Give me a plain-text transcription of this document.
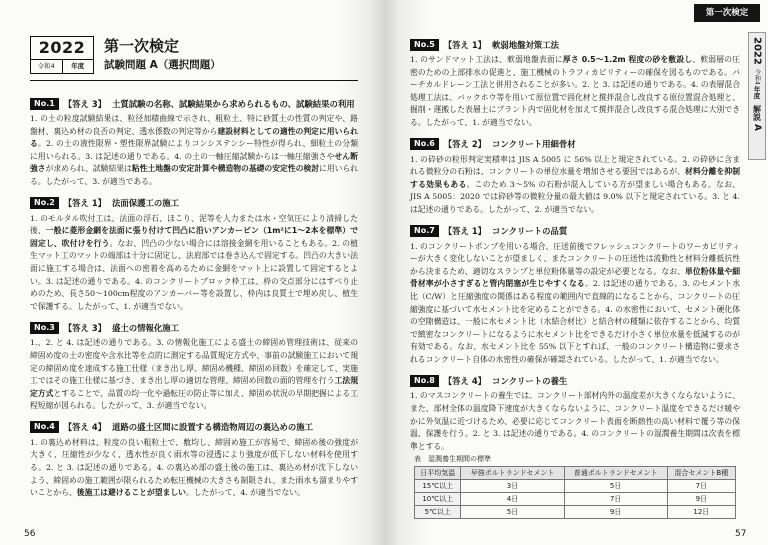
2022
令和4	年度
第一次検定
試験問題 A（選択問題）
No.1	【答え 3】 土質試験の名称、試験結果から求められるもの、試験結果の利用

1. の土の粒度試験結果は、粒径加積曲線で示され、粗粒土、特に砂質土の性質の判定や、路盤材、裏込め材の良否の判定、透水係数の判定等から建設材料としての適性の判定に用いられる。2. の土の液性限界・塑性限界試験によりコンシステンシー特性が得られ、細粒土の分類に用いられる。3. は記述の通りである。4. の土の一軸圧縮試験からは一軸圧縮強さやせん断強さが求められ、試験結果は粘性土地盤の安定計算や構造物の基礎の安定性の検討に用いられる。したがって、3. が適当である。

No.2	【答え 1】 法面保護工の施工

1. のモルタル吹付工は、法面の浮石、ほこり、泥等を人力または水・空気圧により清掃した後、一般に菱形金網を法面に張り付けて凹凸に沿いアンカーピン（1m²に1～2本を標準）で固定し、吹付けを行う。なお、凹凸の少ない場合には溶接金網を用いることもある。2. の植生マット工のマットの端部は十分に固定し、法肩部では巻き込んで固定する。凹凸の大きい法面に施工する場合は、法面への密着を高めるために金網をマット上に設置して固定するとよい。3. は記述の通りである。4. のコンクリートブロック枠工は、枠の交点部分にはすべり止めのため、長さ50～100cm程度のアンカーバー等を設置し、枠内は良質土で埋め戻し、植生で保護する。したがって、1. が適当でない。

No.3	【答え 3】 盛土の情報化施工

1.、2. と 4. は記述の通りである。3. の情報化施工による盛土の締固め管理技術は、従来の締固め度の土の密度や含水比等を点的に測定する品質規定方式や、事前の試験施工において規定の締固め度を達成する施工仕様（まき出し厚、締固め機種、締固め回数）を確定して、実施工ではその施工仕様に基づき、まき出し厚の適切な管理、締固め回数の面的管理を行う工法規定方式とすることで、品質の均一化や過転圧の防止等に加え、締固め状況の早期把握による工程短縮が図られる。したがって、3. が適当でない。

No.4	【答え 4】 道路の盛土区間に設置する構造物周辺の裏込めの施工

1. の裏込め材料は、粒度の良い粗粒土で、敷均し、締固め施工が容易で、締固め後の強度が大きく、圧縮性が少なく、透水性が良く雨水等の浸透により強度が低下しない材料を使用する。2. と 3. は記述の通りである。4. の裏込め部の盛土後の施工は、裏込め材が沈下しないよう、締固めの施工範囲が限られるため転圧機械の大きさも制限され、また雨水も溜まりやすいことから、後施工は避けることが望ましい。したがって、4. が適当でない。

56
第一次検定
2022
令和4
年度
解説
A
No.5	【答え 1】 軟弱地盤対策工法

1. のサンドマット工法は、軟弱地盤表面に厚さ 0.5～1.2m 程度の砂を敷設し、軟弱層の圧密のための上部排水の促進と、施工機械のトラフィカビリティーの確保を図るものである。バーチカルドレーン工法と併用されることが多い。2. と 3. は記述の通りである。4. の表層混合処理工法は、バックホウ等を用いて原位置で固化材と撹拌混合し改良する原位置混合処理と、掘削・運搬した表層土にプラント内で固化材を加えて撹拌混合し改良する混合処理に大別できる。したがって、1. が適当でない。

No.6	【答え 2】 コンクリート用細骨材

1. の砕砂の粒形判定実積率は JIS A 5005 に 56% 以上と規定されている。2. の砕砂に含まれる微粒分の石粉は、コンクリートの単位水量を増加させる要因ではあるが、材料分離を抑制する効果もある。このため 3～5% の石粉が混入している方が望ましい場合もある。なお、JIS A 5005：2020 では砕砂等の微粒分量の最大値は 9.0% 以下と規定されている。3. と 4. は記述の通りである。したがって、2. が適当でない。

No.7	【答え 1】 コンクリートの品質

1. のコンクリートポンプを用いる場合、圧送前後でフレッシュコンクリートのワーカビリティーが大きく変化しないことが望ましく、またコンクリートの圧送性は流動性と材料分離抵抗性から決まるため、適切なスランプと単位粉体量等の設定が必要となる。なお、単位粉体量や細骨材率が小さすぎると管内閉塞が生じやすくなる。2. は記述の通りである。3. のセメント水比（C/W）と圧縮強度の関係はある程度の範囲内で直線的になることから、コンクリートの圧縮強度に基づいて水セメント比を定めることができる。4. の水密性において、セメント硬化体の空隙構造は、一般に水セメント比（水結合材比）と結合材の種類に依存することから、均質で緻密なコンクリートになるように水セメント比をできるだけ小さく単位水量を低減するのが有効である。なお、水セメント比を 55% 以下とすれば、一般のコンクリート構造物に要求されるコンクリート自体の水密性の確保が確認されている。したがって、1. が適当でない。

No.8	【答え 4】 コンクリートの養生

1. のマスコンクリートの養生では、コンクリート部材内外の温度差が大きくならないように、また、部材全体の温度降下速度が大きくならないように、コンクリート温度をできるだけ緩やかに外気温に近づけるため、必要に応じてコンクリート表面を断熱性の高い材料で覆う等の保温、保護を行う。2. と 3. は記述の通りである。4. のコンクリートの湿潤養生期間は次表を標準とする。

表　湿潤養生期間の標準
日平均気温	早強ポルトランドセメント	普通ポルトランドセメント	混合セメントB種
15℃以上	3日	5日	7日
10℃以上	4日	7日	9日
5℃以上	5日	9日	12日
57
